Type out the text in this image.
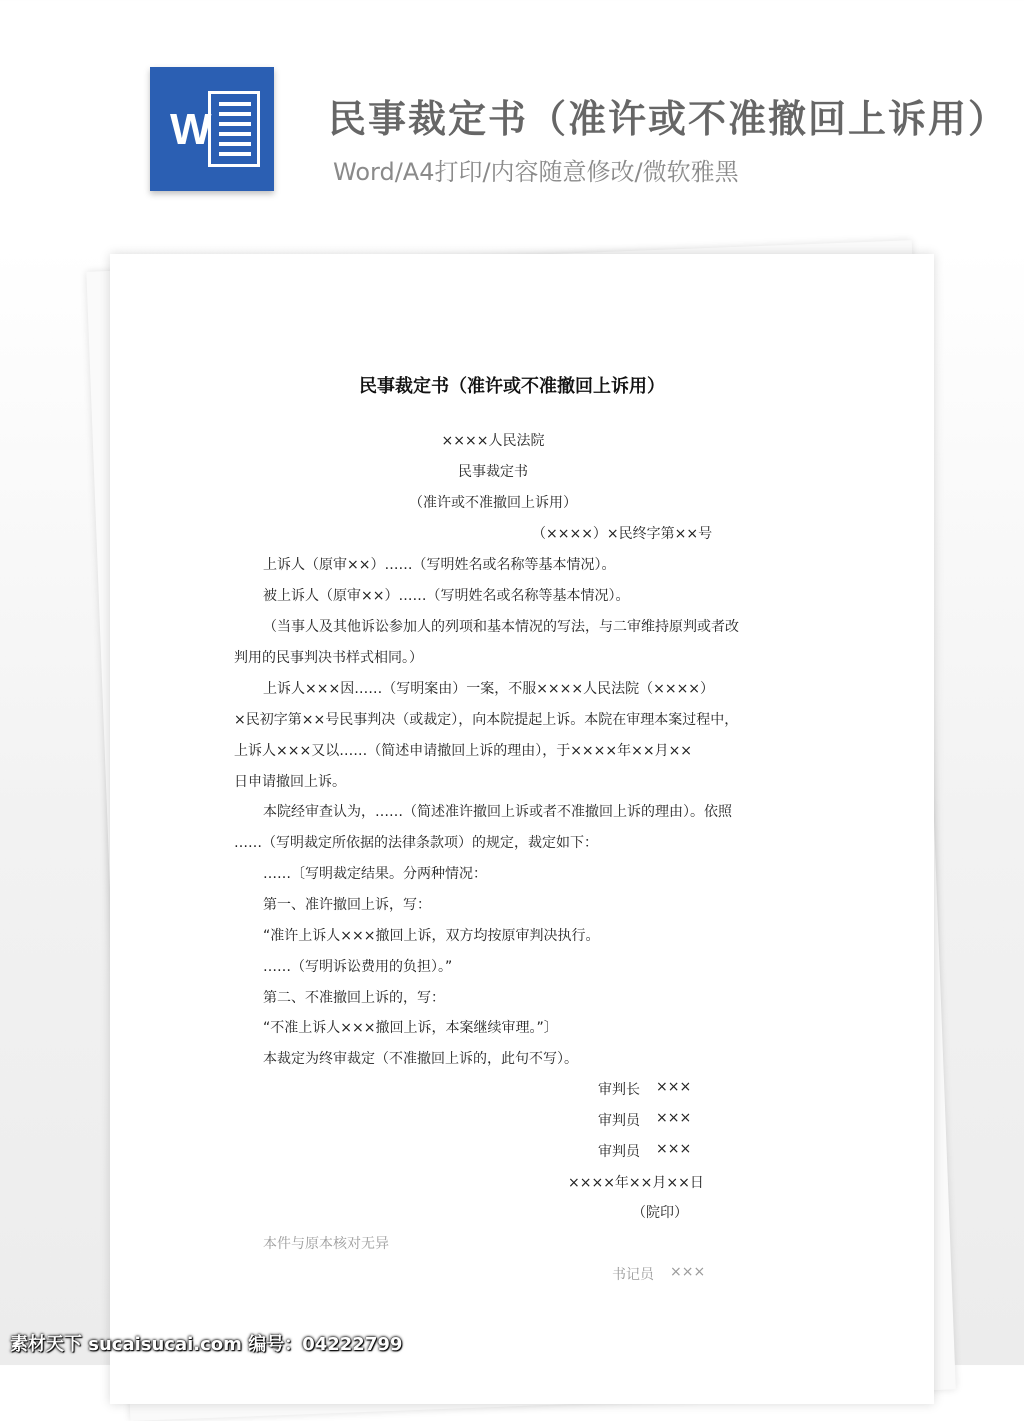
W	民事裁定书（准许或不准撤回上诉用）
Word/A4打印/内容随意修改/微软雅黑
民事裁定书（准许或不准撤回上诉用）
××××人民法院
民事裁定书
（准许或不准撤回上诉用）
（××××）×民终字第××号
上诉人（原审××）……（写明姓名或名称等基本情况）。
被上诉人（原审××）……（写明姓名或名称等基本情况）。
（当事人及其他诉讼参加人的列项和基本情况的写法，与二审维持原判或者改
判用的民事判决书样式相同。）
上诉人×××因……（写明案由）一案，不服××××人民法院（××××）
×民初字第××号民事判决（或裁定），向本院提起上诉。本院在审理本案过程中，
上诉人×××又以……（简述申请撤回上诉的理由），于××××年××月××
日申请撤回上诉。
本院经审查认为，……（简述准许撤回上诉或者不准撤回上诉的理由）。依照
……（写明裁定所依据的法律条款项）的规定，裁定如下：
……〔写明裁定结果。分两种情况：
第一、准许撤回上诉，写：
“准许上诉人×××撤回上诉，双方均按原审判决执行。
……（写明诉讼费用的负担）。”
第二、不准撤回上诉的，写：
“不准上诉人×××撤回上诉，本案继续审理。”〕
本裁定为终审裁定（不准撤回上诉的，此句不写）。
审判长 ×××
审判员 ×××
审判员 ×××
××××年××月××日
（院印）
本件与原本核对无异
书记员 ×××
素材天下 sucaisucai.com 编号：04222799
